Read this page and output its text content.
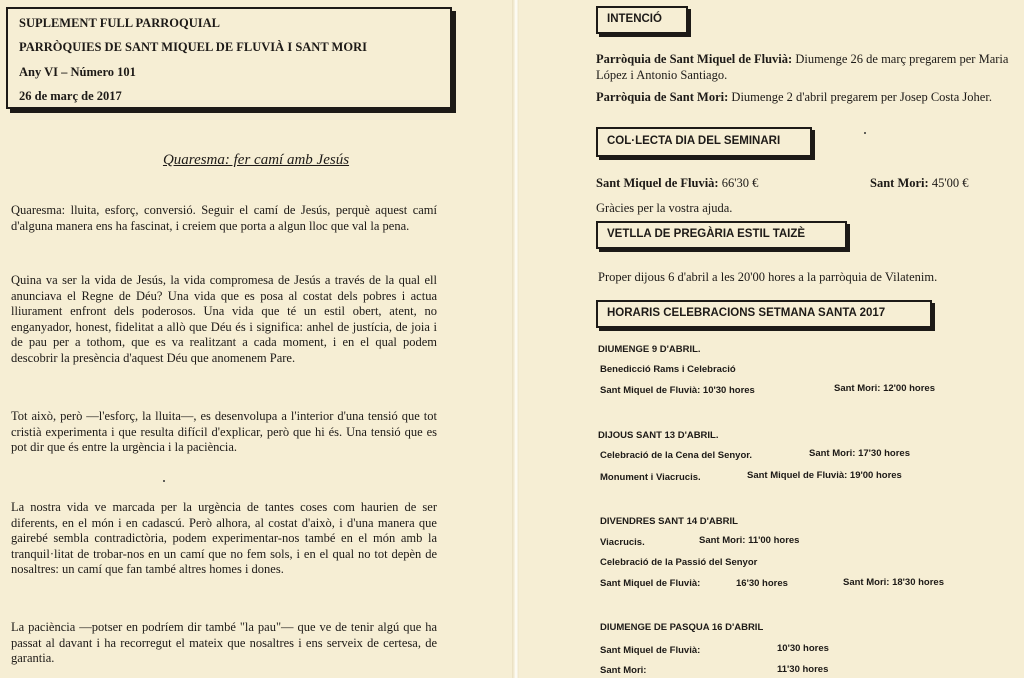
SUPLEMENT FULL PARROQUIAL
PARRÒQUIES DE SANT MIQUEL DE FLUVIÀ I SANT MORI
Any VI – Número 101
26 de març de 2017
Quaresma: fer camí amb Jesús
Quaresma: lluita, esforç, conversió. Seguir el camí de Jesús, perquè aquest camí d'alguna manera ens ha fascinat, i creiem que porta a algun lloc que val la pena.
Quina va ser la vida de Jesús, la vida compromesa de Jesús a través de la qual ell anunciava el Regne de Déu? Una vida que es posa al costat dels pobres i actua lliurament enfront dels poderosos. Una vida que té un estil obert, atent, no enganyador, honest, fidelitat a allò que Déu és i significa: anhel de justícia, de joia i de pau per a tothom, que es va realitzant a cada moment, i en el qual podem descobrir la presència d'aquest Déu que anomenem Pare.
Tot això, però —l'esforç, la lluita—, es desenvolupa a l'interior d'una tensió que tot cristià experimenta i que resulta difícil d'explicar, però que hi és. Una tensió que es pot dir que és entre la urgència i la paciència.
La nostra vida ve marcada per la urgència de tantes coses com haurien de ser diferents, en el món i en cadascú. Però alhora, al costat d'això, i d'una manera que gairebé sembla contradictòria, podem experimentar-nos també en el món amb la tranquil·litat de trobar-nos en un camí que no fem sols, i en el qual no tot depèn de nosaltres: un camí que fan també altres homes i dones.
La paciència —potser en podríem dir també "la pau"— que ve de tenir algú que ha passat al davant i ha recorregut el mateix que nosaltres i ens serveix de certesa, de garantia.
INTENCIÓ
Parròquia de Sant Miquel de Fluvià: Diumenge 26 de març pregarem per Maria López i Antonio Santiago.
Parròquia de Sant Mori: Diumenge 2 d'abril pregarem per Josep Costa Joher.
COL·LECTA DIA DEL SEMINARI
Sant Miquel de Fluvià: 66'30 €	Sant Mori: 45'00 €
Gràcies per la vostra ajuda.
VETLLA DE PREGÀRIA ESTIL TAIZÈ
Proper dijous 6 d'abril a les 20'00 hores a la parròquia de Vilatenim.
HORARIS CELEBRACIONS SETMANA SANTA 2017
DIUMENGE 9 D'ABRIL.
Benedicció Rams i Celebració
Sant Miquel de Fluvià: 10'30 hores	Sant Mori: 12'00 hores
DIJOUS SANT 13 D'ABRIL.
Celebració de la Cena del Senyor.	Sant Mori: 17'30 hores
Monument i Viacrucis.	Sant Miquel de Fluvià: 19'00 hores
DIVENDRES SANT 14 D'ABRIL
Viacrucis.	Sant Mori: 11'00 hores
Celebració de la Passió del Senyor
Sant Miquel de Fluvià:	16'30 hores	Sant Mori: 18'30 hores
DIUMENGE DE PASQUA 16 D'ABRIL
Sant Miquel de Fluvià:	10'30 hores
Sant Mori:	11'30 hores
